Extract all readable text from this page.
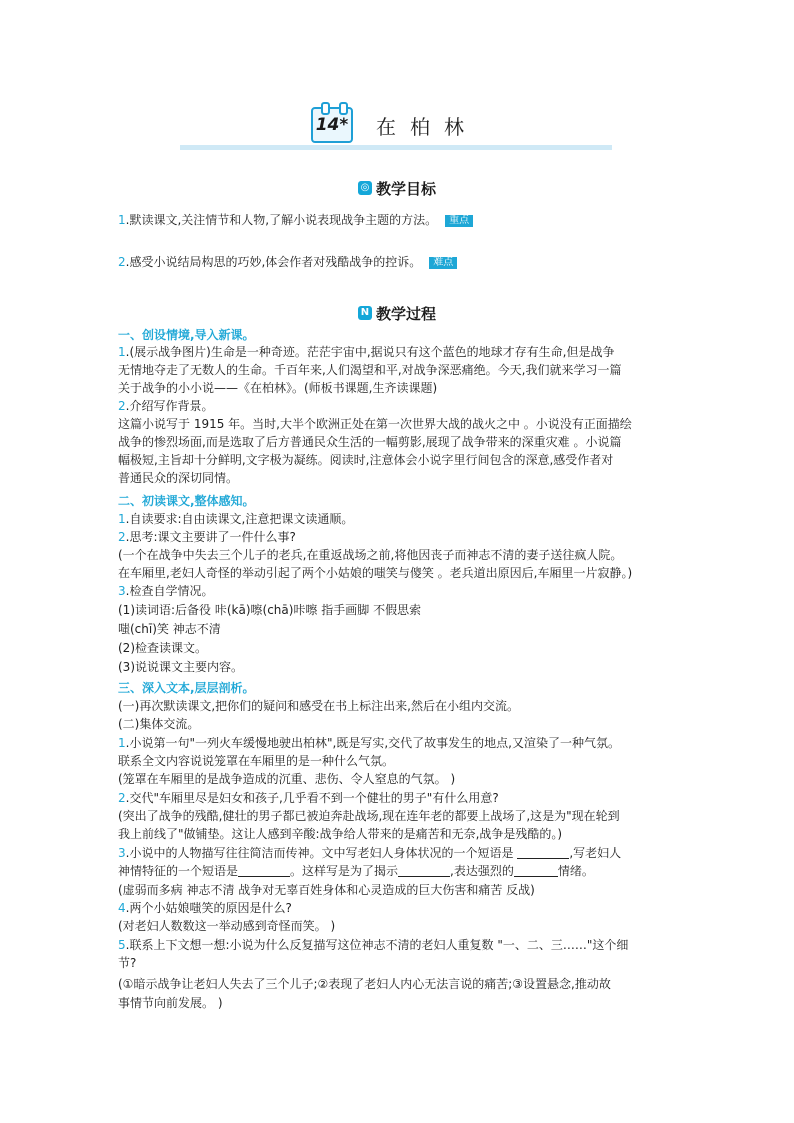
14* 在柏林
◎ 教学目标
1.默读课文,关注情节和人物,了解小说表现战争主题的方法。 重点
2.感受小说结局构思的巧妙,体会作者对残酷战争的控诉。 难点
N 教学过程
一、创设情境,导入新课。
1.(展示战争图片)生命是一种奇迹。茫茫宇宙中,据说只有这个蓝色的地球才存有生命,但是战争
无情地夺走了无数人的生命。千百年来,人们渴望和平,对战争深恶痛绝。今天,我们就来学习一篇
关于战争的小小说——《在柏林》。(师板书课题,生齐读课题)
2.介绍写作背景。
这篇小说写于 1915 年。当时,大半个欧洲正处在第一次世界大战的战火之中 。小说没有正面描绘
战争的惨烈场面,而是选取了后方普通民众生活的一幅剪影,展现了战争带来的深重灾难 。小说篇
幅极短,主旨却十分鲜明,文字极为凝练。阅读时,注意体会小说字里行间包含的深意,感受作者对
普通民众的深切同情。
二、初读课文,整体感知。
1.自读要求:自由读课文,注意把课文读通顺。
2.思考:课文主要讲了一件什么事?
(一个在战争中失去三个儿子的老兵,在重返战场之前,将他因丧子而神志不清的妻子送往疯人院。
在车厢里,老妇人奇怪的举动引起了两个小姑娘的嗤笑与傻笑 。老兵道出原因后,车厢里一片寂静。)
3.检查自学情况。
(1)读词语:后备役 咔(kā)嚓(chā)咔嚓 指手画脚 不假思索
嗤(chī)笑 神志不清
(2)检查读课文。
(3)说说课文主要内容。
三、深入文本,层层剖析。
(一)再次默读课文,把你们的疑问和感受在书上标注出来,然后在小组内交流。
(二)集体交流。
1.小说第一句"一列火车缓慢地驶出柏林",既是写实,交代了故事发生的地点,又渲染了一种气氛。
联系全文内容说说笼罩在车厢里的是一种什么气氛。
(笼罩在车厢里的是战争造成的沉重、悲伤、令人窒息的气氛。 )
2.交代"车厢里尽是妇女和孩子,几乎看不到一个健壮的男子"有什么用意?
(突出了战争的残酷,健壮的男子都已被迫奔赴战场,现在连年老的都要上战场了,这是为"现在轮到
我上前线了"做铺垫。这让人感到辛酸:战争给人带来的是痛苦和无奈,战争是残酷的。)
3.小说中的人物描写往往简洁而传神。文中写老妇人身体状况的一个短语是	,写老妇人
神情特征的一个短语是	。这样写是为了揭示	,表达强烈的	情绪。
(虚弱而多病 神志不清 战争对无辜百姓身体和心灵造成的巨大伤害和痛苦 反战)
4.两个小姑娘嗤笑的原因是什么?
(对老妇人数数这一举动感到奇怪而笑。 )
5.联系上下文想一想:小说为什么反复描写这位神志不清的老妇人重复数 "一、二、三……"这个细
节?
(①暗示战争让老妇人失去了三个儿子;②表现了老妇人内心无法言说的痛苦;③设置悬念,推动故
事情节向前发展。 )
